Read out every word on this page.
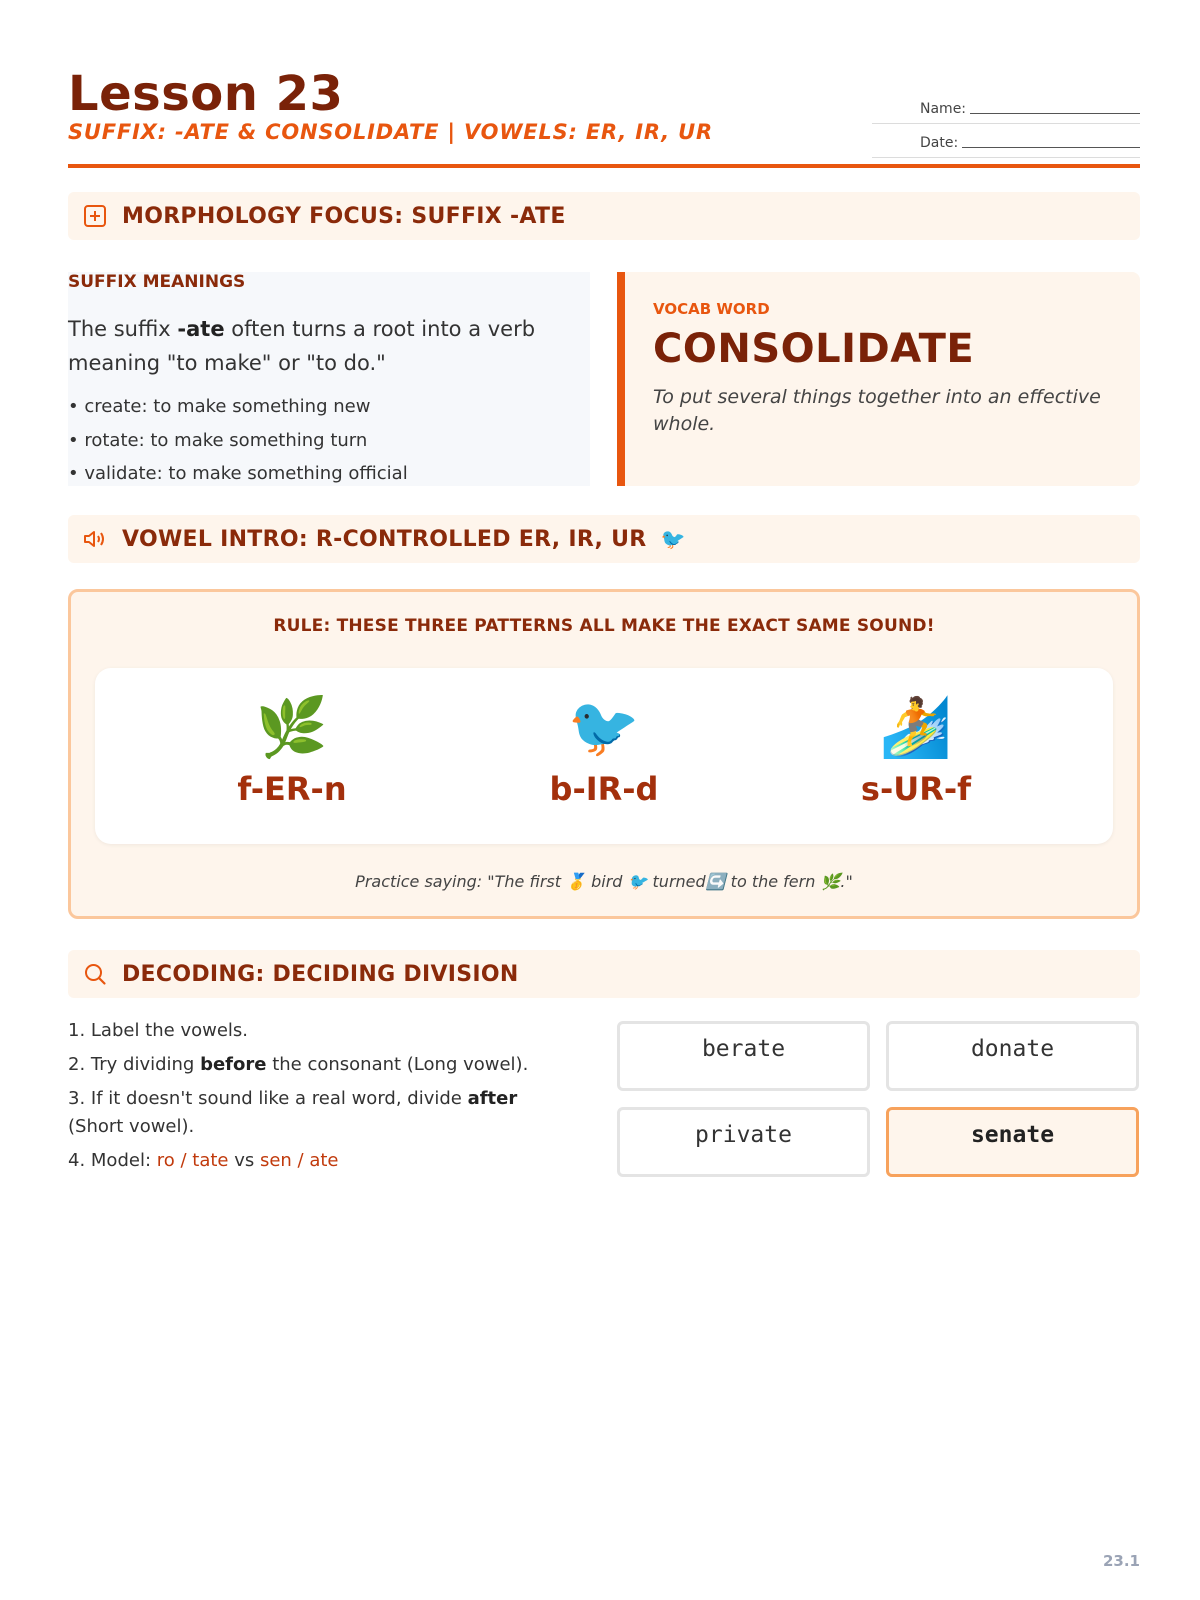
Lesson 23
SUFFIX: -ATE & CONSOLIDATE | VOWELS: ER, IR, UR
Name:
Date:
MORPHOLOGY FOCUS: SUFFIX -ATE
SUFFIX MEANINGS
The suffix -ate often turns a root into a verb meaning "to make" or "to do."
• create: to make something new
• rotate: to make something turn
• validate: to make something official
VOCAB WORD
CONSOLIDATE
To put several things together into an effective whole.
VOWEL INTRO: R-CONTROLLED ER, IR, UR 🐦
RULE: THESE THREE PATTERNS ALL MAKE THE EXACT SAME SOUND!
🌿
f-ER-n
🐦
b-IR-d
🏄
s-UR-f
Practice saying: "The first 🥇 bird 🐦 turned↪️ to the fern 🌿."
DECODING: DECIDING DIVISION
1. Label the vowels.
2. Try dividing before the consonant (Long vowel).
3. If it doesn't sound like a real word, divide after (Short vowel).
4. Model: ro / tate vs sen / ate
berate	donate
private	senate
23.1
